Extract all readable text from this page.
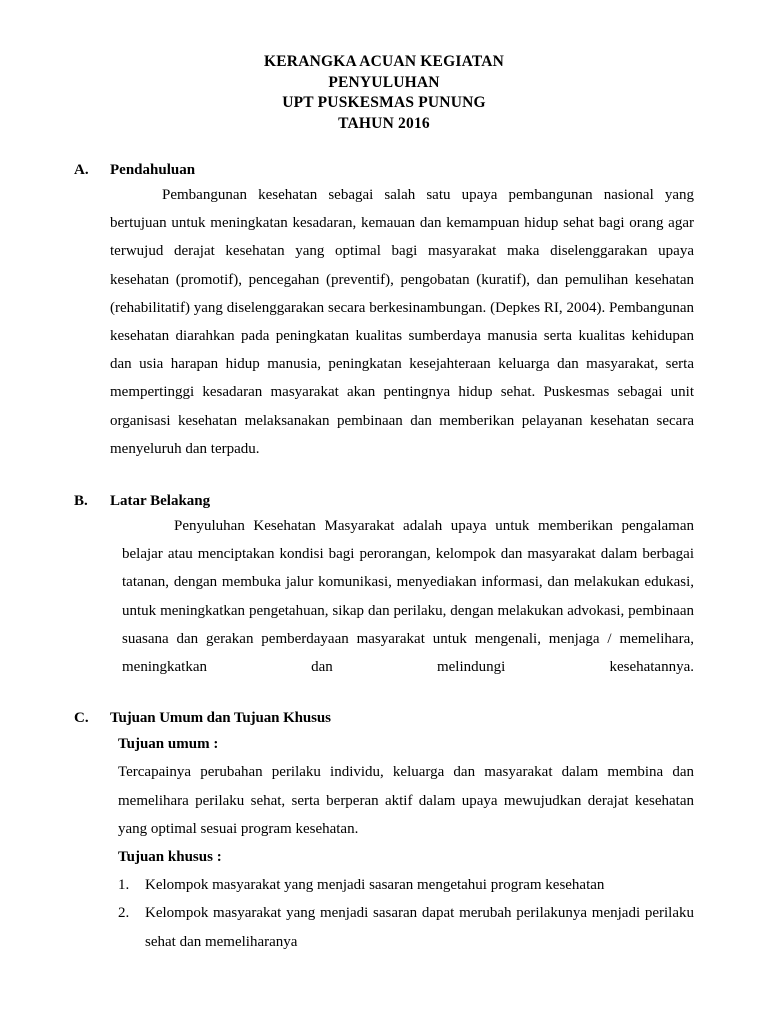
KERANGKA ACUAN KEGIATAN
PENYULUHAN
UPT PUSKESMAS PUNUNG
TAHUN 2016
A.	Pendahuluan

Pembangunan kesehatan sebagai salah satu upaya pembangunan nasional yang bertujuan untuk meningkatan kesadaran, kemauan dan kemampuan hidup sehat bagi orang agar terwujud derajat kesehatan yang optimal bagi masyarakat maka diselenggarakan upaya kesehatan (promotif), pencegahan (preventif), pengobatan (kuratif), dan pemulihan kesehatan (rehabilitatif) yang diselenggarakan secara berkesinambungan. (Depkes RI, 2004). Pembangunan kesehatan diarahkan pada peningkatan kualitas sumberdaya manusia serta kualitas kehidupan dan usia harapan hidup manusia, peningkatan kesejahteraan keluarga dan masyarakat, serta mempertinggi kesadaran masyarakat akan pentingnya hidup sehat. Puskesmas sebagai unit organisasi kesehatan melaksanakan pembinaan dan memberikan pelayanan kesehatan secara menyeluruh dan terpadu.

B.	Latar Belakang

Penyuluhan Kesehatan Masyarakat adalah upaya untuk memberikan pengalaman belajar atau menciptakan kondisi bagi perorangan, kelompok dan masyarakat dalam berbagai tatanan, dengan membuka jalur komunikasi, menyediakan informasi, dan melakukan edukasi, untuk meningkatkan pengetahuan, sikap dan perilaku, dengan melakukan advokasi, pembinaan suasana dan gerakan pemberdayaan masyarakat untuk mengenali, menjaga / memelihara, meningkatkan dan melindungi kesehatannya.

C.	Tujuan Umum dan Tujuan Khusus

Tujuan umum :

Tercapainya perubahan perilaku individu, keluarga dan masyarakat dalam membina dan memelihara perilaku sehat, serta berperan aktif dalam upaya mewujudkan derajat kesehatan yang optimal sesuai program kesehatan.

Tujuan khusus :

1.	Kelompok masyarakat yang menjadi sasaran mengetahui program kesehatan
2.	Kelompok masyarakat yang menjadi sasaran dapat merubah perilakunya menjadi perilaku sehat dan memeliharanya
